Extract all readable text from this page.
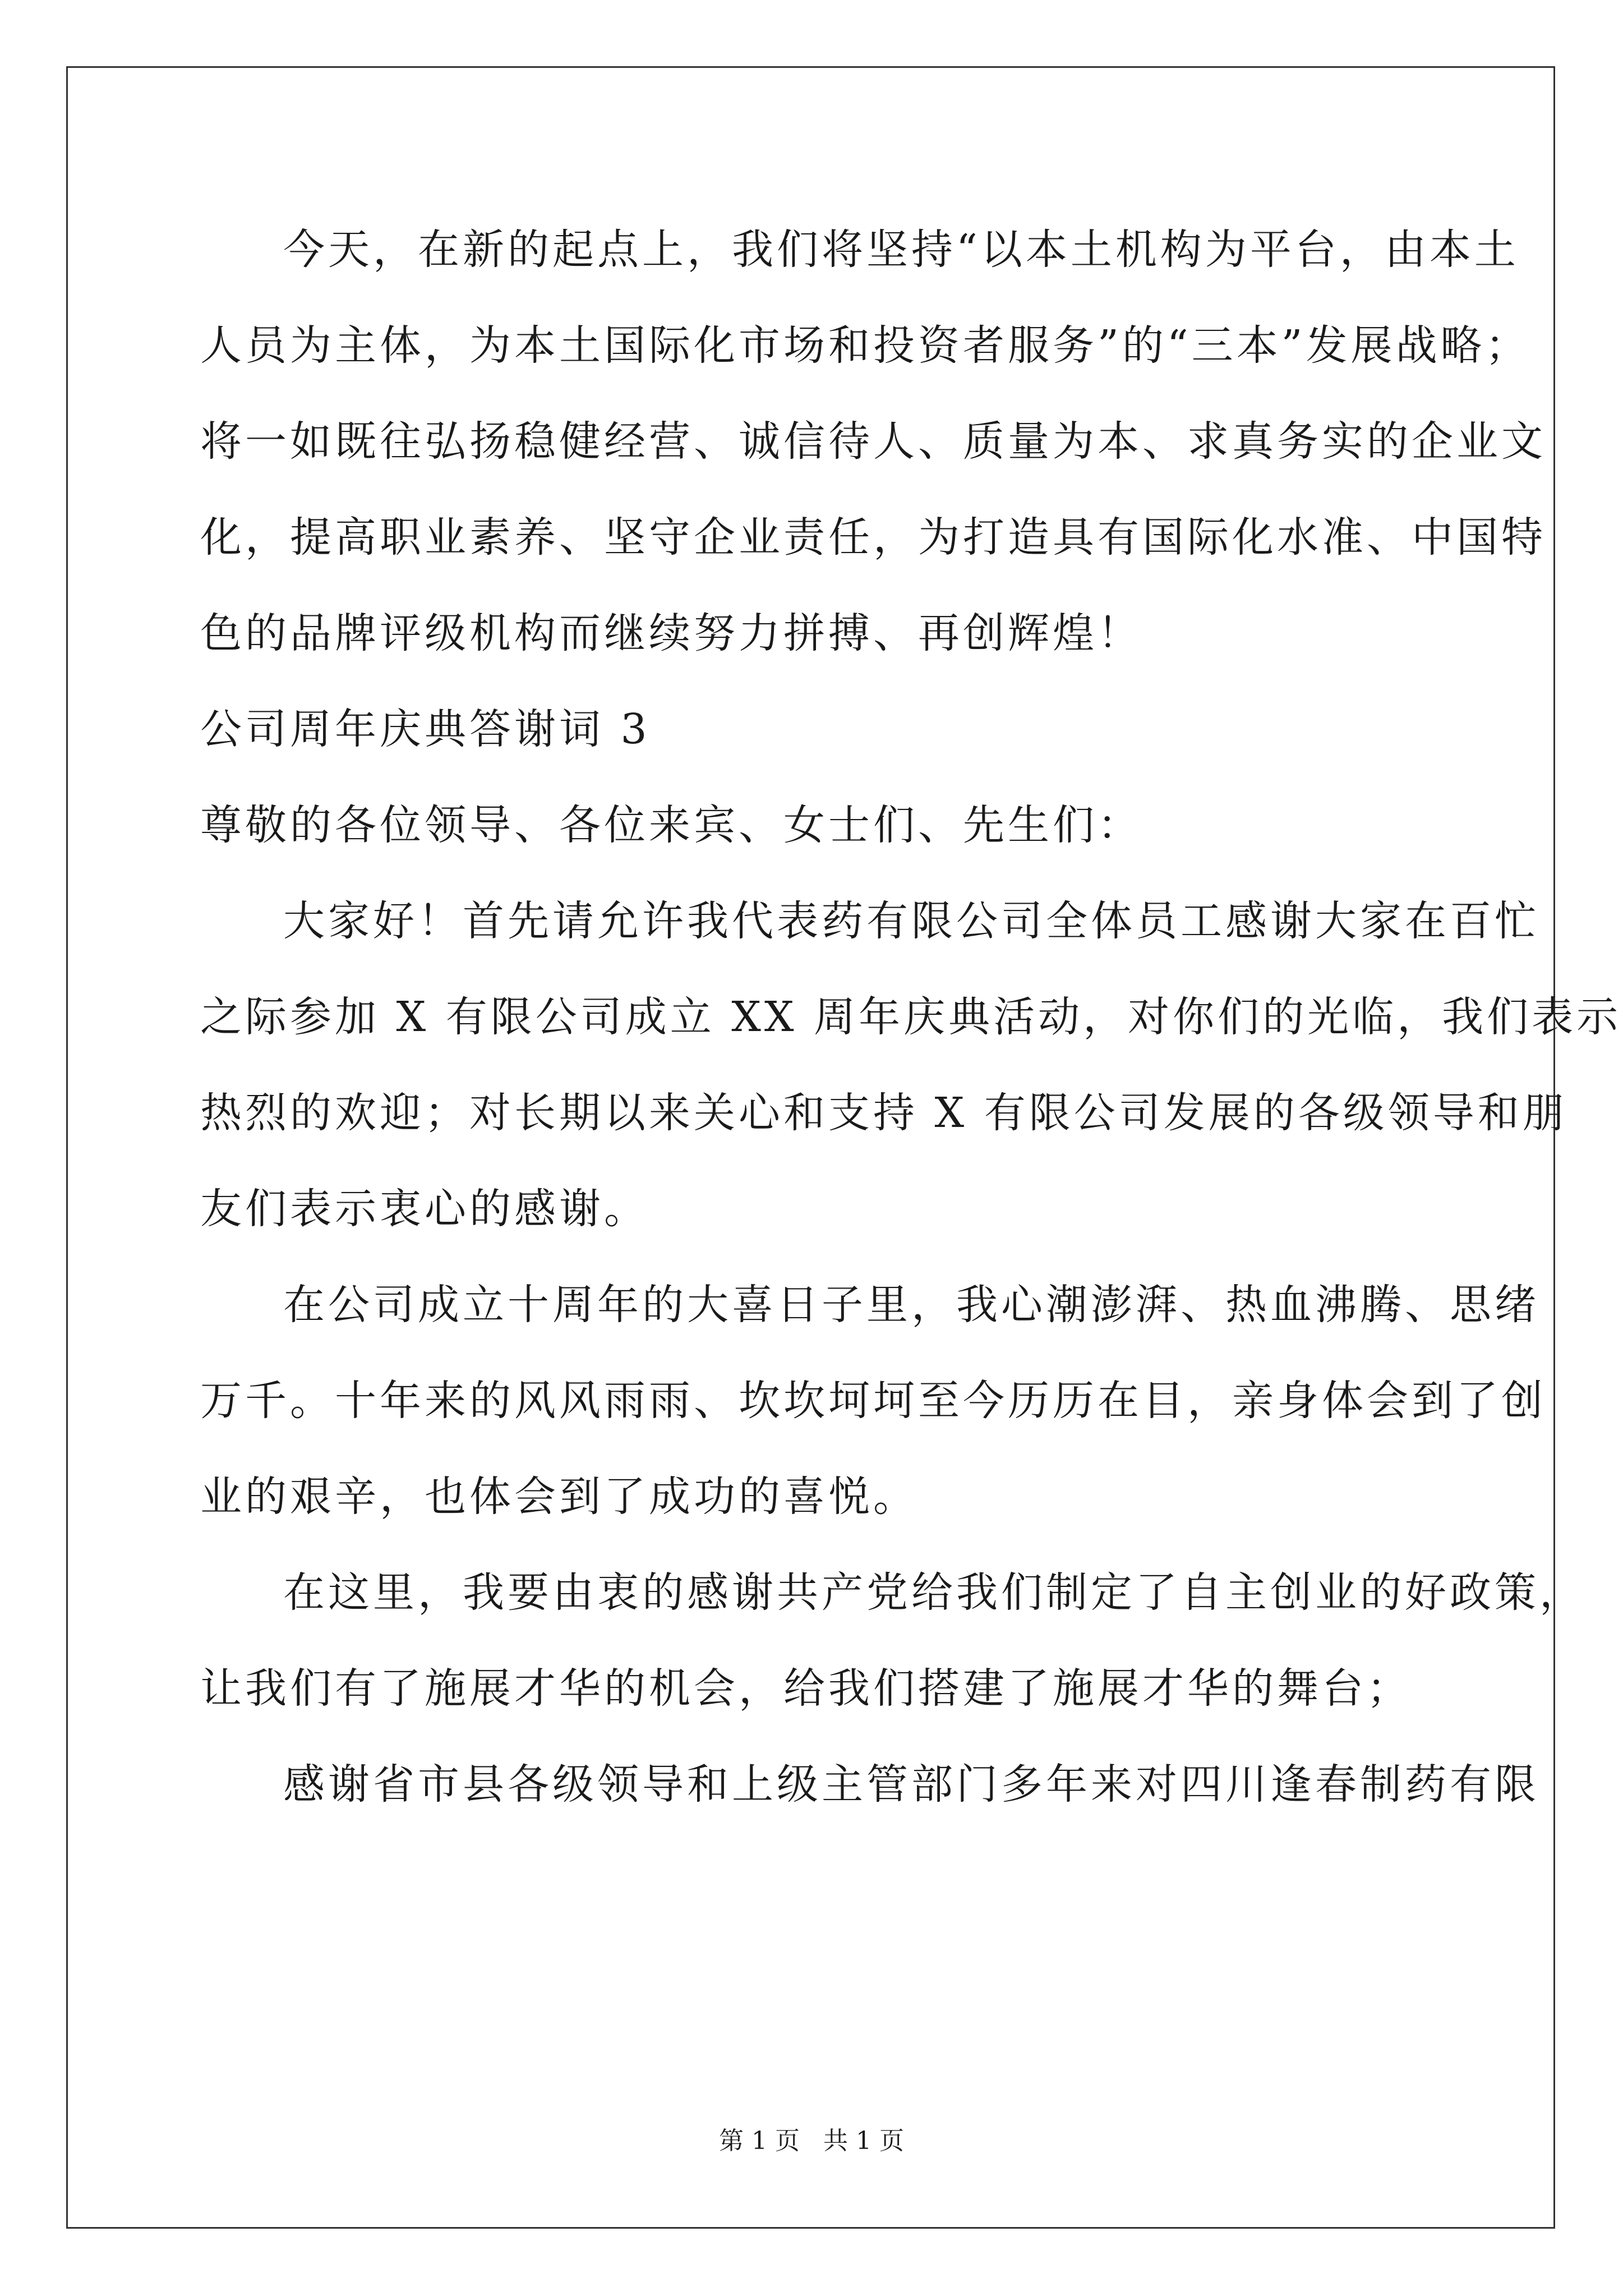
今天，在新的起点上，我们将坚持“以本土机构为平台，由本土
人员为主体，为本土国际化市场和投资者服务”的“三本”发展战略；
将一如既往弘扬稳健经营、诚信待人、质量为本、求真务实的企业文
化，提高职业素养、坚守企业责任，为打造具有国际化水准、中国特
色的品牌评级机构而继续努力拼搏、再创辉煌！
公司周年庆典答谢词 3
尊敬的各位领导、各位来宾、女士们、先生们：
大家好！首先请允许我代表药有限公司全体员工感谢大家在百忙
之际参加 X 有限公司成立 XX 周年庆典活动，对你们的光临，我们表示
热烈的欢迎；对长期以来关心和支持 X 有限公司发展的各级领导和朋
友们表示衷心的感谢。
在公司成立十周年的大喜日子里，我心潮澎湃、热血沸腾、思绪
万千。十年来的风风雨雨、坎坎坷坷至今历历在目，亲身体会到了创
业的艰辛，也体会到了成功的喜悦。
在这里，我要由衷的感谢共产党给我们制定了自主创业的好政策，
让我们有了施展才华的机会，给我们搭建了施展才华的舞台；
感谢省市县各级领导和上级主管部门多年来对四川逢春制药有限
第 1 页 共 1 页
